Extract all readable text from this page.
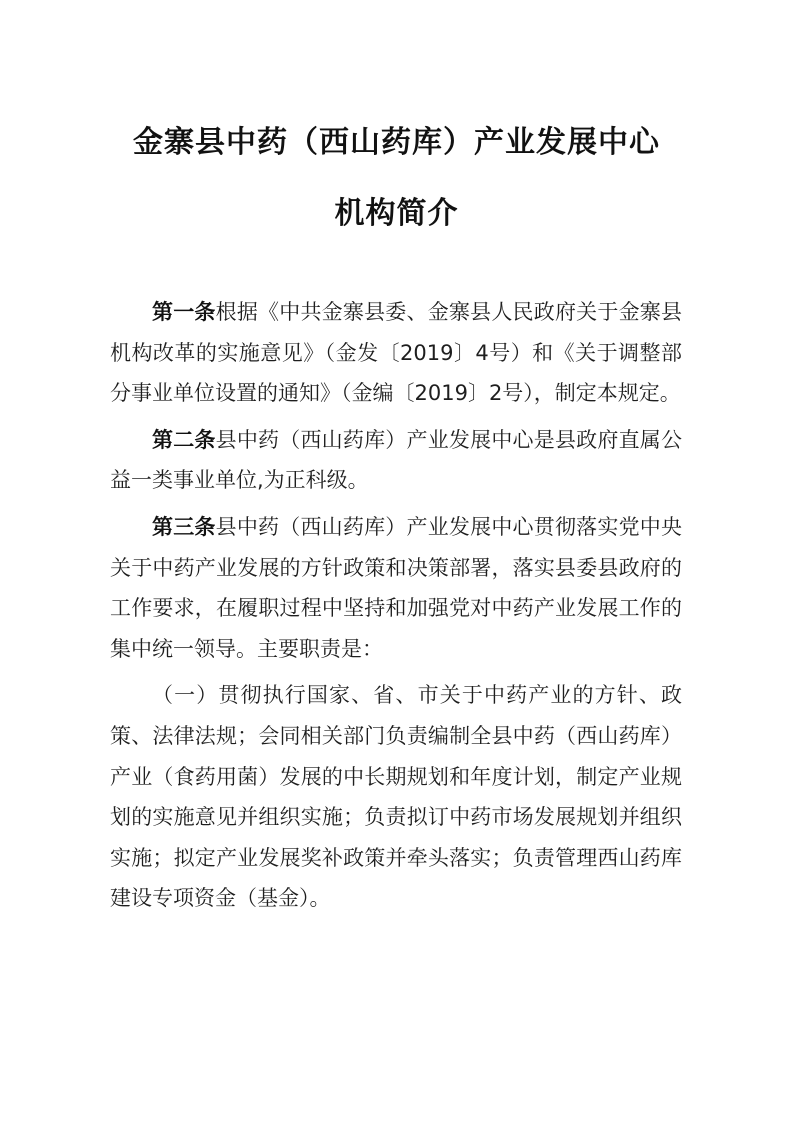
金寨县中药（西山药库）产业发展中心
机构简介

第一条根据《中共金寨县委、金寨县人民政府关于金寨县机构改革的实施意见》（金发〔2019〕4号）和《关于调整部分事业单位设置的通知》（金编〔2019〕2号），制定本规定。

第二条县中药（西山药库）产业发展中心是县政府直属公益一类事业单位,为正科级。

第三条县中药（西山药库）产业发展中心贯彻落实党中央关于中药产业发展的方针政策和决策部署，落实县委县政府的工作要求，在履职过程中坚持和加强党对中药产业发展工作的集中统一领导。主要职责是：

（一）贯彻执行国家、省、市关于中药产业的方针、政策、法律法规；会同相关部门负责编制全县中药（西山药库）产业（食药用菌）发展的中长期规划和年度计划，制定产业规划的实施意见并组织实施；负责拟订中药市场发展规划并组织实施；拟定产业发展奖补政策并牵头落实；负责管理西山药库建设专项资金（基金）。
